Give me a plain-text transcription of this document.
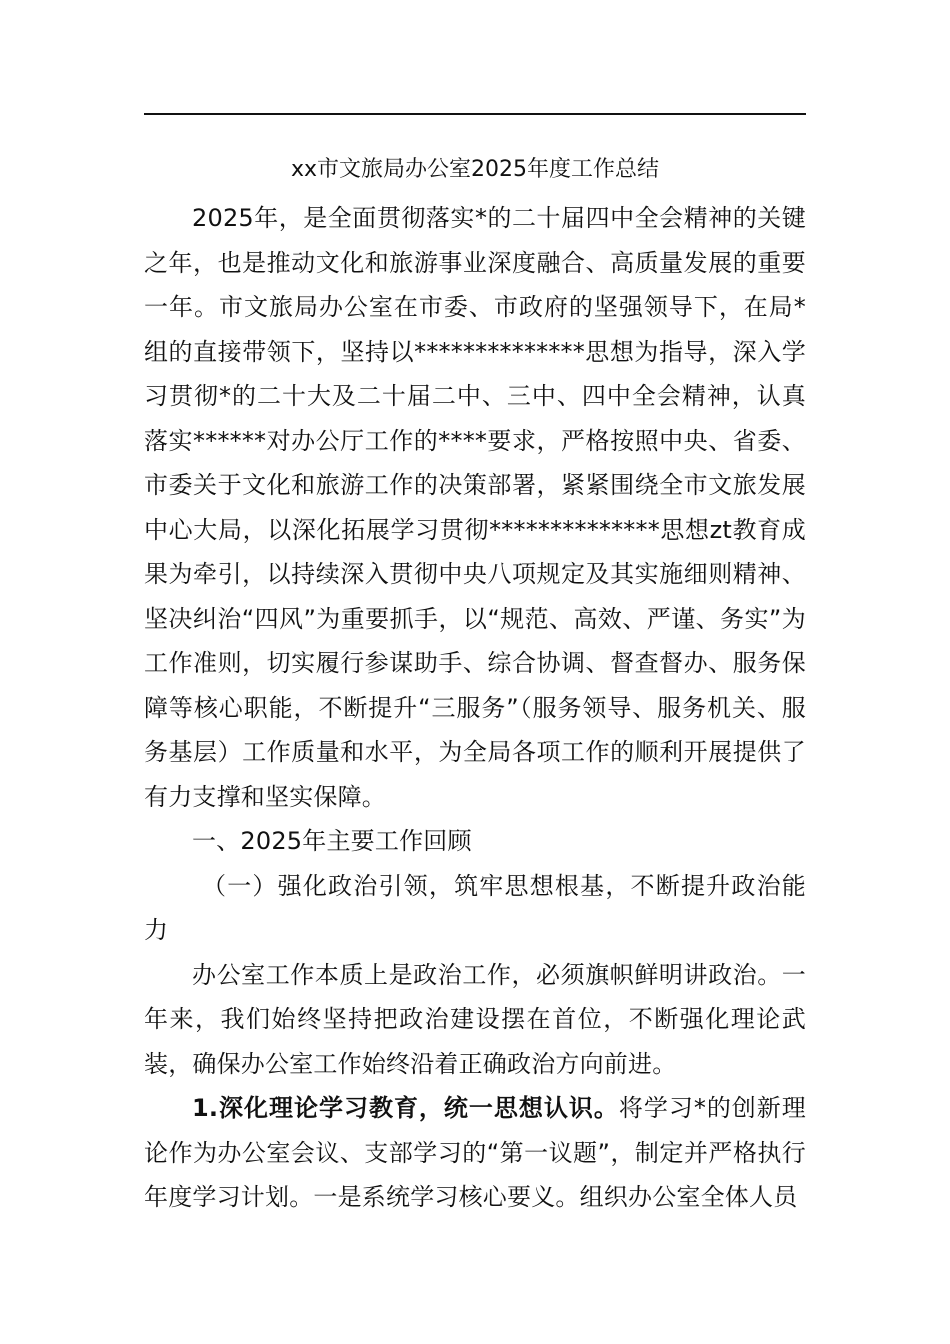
xx市文旅局办公室2025年度工作总结

2025年，是全面贯彻落实*的二十届四中全会精神的关键之年，也是推动文化和旅游事业深度融合、高质量发展的重要一年。市文旅局办公室在市委、市政府的坚强领导下，在局*组的直接带领下，坚持以**************思想为指导，深入学习贯彻*的二十大及二十届二中、三中、四中全会精神，认真落实******对办公厅工作的****要求，严格按照中央、省委、市委关于文化和旅游工作的决策部署，紧紧围绕全市文旅发展中心大局，以深化拓展学习贯彻**************思想zt教育成果为牵引，以持续深入贯彻中央八项规定及其实施细则精神、坚决纠治“四风”为重要抓手，以“规范、高效、严谨、务实”为工作准则，切实履行参谋助手、综合协调、督查督办、服务保障等核心职能，不断提升“三服务”（服务领导、服务机关、服务基层）工作质量和水平，为全局各项工作的顺利开展提供了有力支撑和坚实保障。

一、2025年主要工作回顾

（一）强化政治引领，筑牢思想根基，不断提升政治能力

办公室工作本质上是政治工作，必须旗帜鲜明讲政治。一年来，我们始终坚持把政治建设摆在首位，不断强化理论武装，确保办公室工作始终沿着正确政治方向前进。

1.深化理论学习教育，统一思想认识。将学习*的创新理论作为办公室会议、支部学习的“第一议题”，制定并严格执行年度学习计划。一是系统学习核心要义。组织办公室全体人员
